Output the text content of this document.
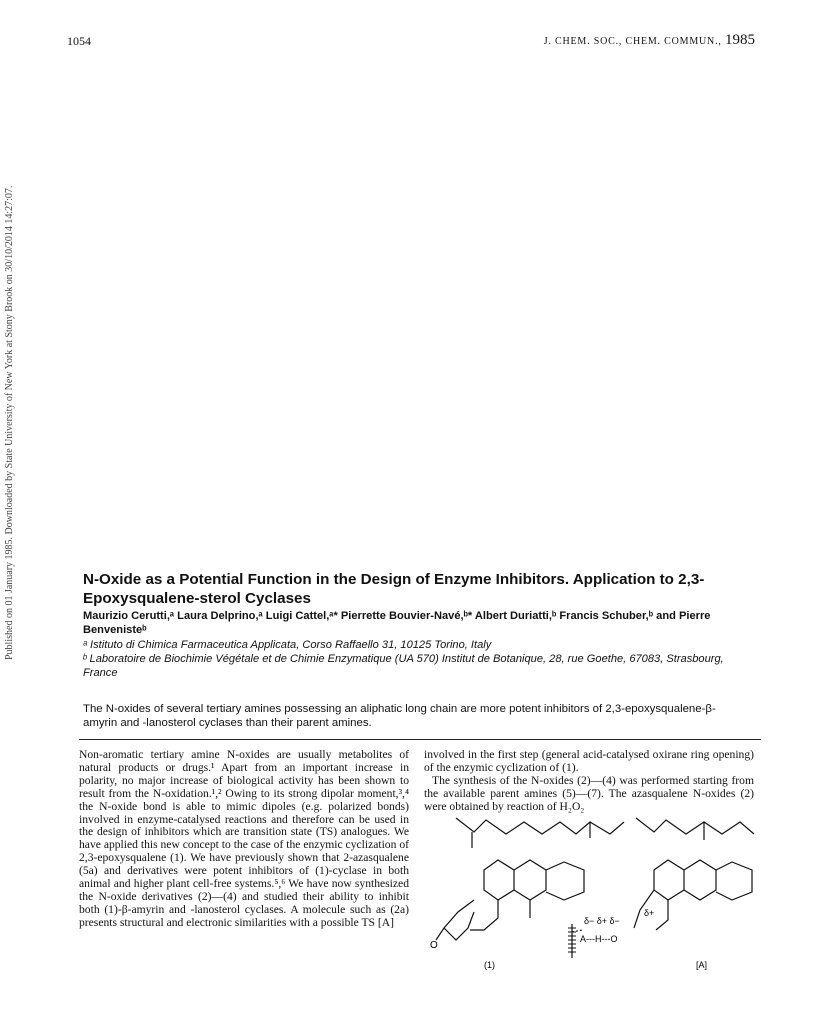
1054	J. CHEM. SOC., CHEM. COMMUN., 1985
Published on 01 January 1985. Downloaded by State University of New York at Stony Brook on 30/10/2014 14:27:07.	N-Oxide as a Potential Function in the Design of Enzyme Inhibitors. Application to 2,3-Epoxysqualene-sterol Cyclases
Maurizio Cerutti,ᵃ Laura Delprino,ᵃ Luigi Cattel,ᵃ* Pierrette Bouvier-Navé,ᵇ* Albert Duriatti,ᵇ Francis Schuber,ᵇ and Pierre Benvenisteᵇ
ᵃ Istituto di Chimica Farmaceutica Applicata, Corso Raffaello 31, 10125 Torino, Italy
ᵇ Laboratoire de Biochimie Végétale et de Chimie Enzymatique (UA 570) Institut de Botanique, 28, rue Goethe, 67083, Strasbourg, France
The N-oxides of several tertiary amines possessing an aliphatic long chain are more potent inhibitors of 2,3-epoxysqualene-β-amyrin and -lanosterol cyclases than their parent amines.

Non-aromatic tertiary amine N-oxides are usually metabolites of natural products or drugs.¹ Apart from an important increase in polarity, no major increase of biological activity has been shown to result from the N-oxidation.¹,² Owing to its strong dipolar moment,³,⁴ the N-oxide bond is able to mimic dipoles (e.g. polarized bonds) involved in enzyme-catalysed reactions and therefore can be used in the design of inhibitors which are transition state (TS) analogues. We have applied this new concept to the case of the enzymic cyclization of 2,3-epoxysqualene (1). We have previously shown that 2-azasqualene (5a) and derivatives were potent inhibitors of (1)-cyclase in both animal and higher plant cell-free systems.⁵,⁶ We have now synthesized the N-oxide derivatives (2)—(4) and studied their ability to inhibit both (1)-β-amyrin and -lanosterol cyclases. A molecule such as (2a) presents structural and electronic similarities with a possible TS [A]

involved in the first step (general acid-catalysed oxirane ring opening) of the enzymic cyclization of (1).

The synthesis of the N-oxides (2)—(4) was performed starting from the available parent amines (5)—(7). The azasqualene N-oxides (2) were obtained by reaction of H₂O₂

O
(1)
δ− δ+ δ−
δ+
A---H---O
[A]
